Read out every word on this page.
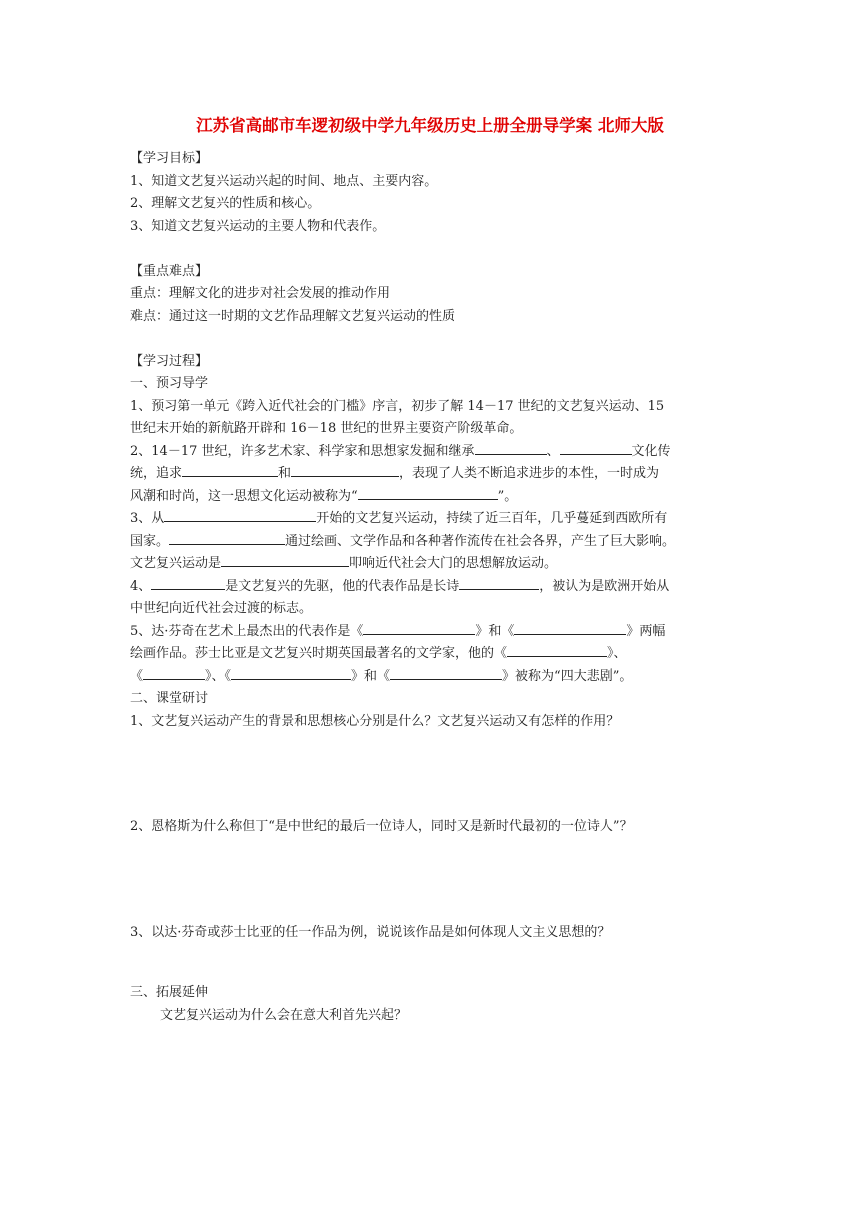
江苏省高邮市车逻初级中学九年级历史上册全册导学案 北师大版
【学习目标】
1、知道文艺复兴运动兴起的时间、地点、主要内容。
2、理解文艺复兴的性质和核心。
3、知道文艺复兴运动的主要人物和代表作。
【重点难点】
重点：理解文化的进步对社会发展的推动作用
难点：通过这一时期的文艺作品理解文艺复兴运动的性质
【学习过程】
一、预习导学
1、预习第一单元《跨入近代社会的门槛》序言，初步了解 14－17 世纪的文艺复兴运动、15
世纪末开始的新航路开辟和 16－18 世纪的世界主要资产阶级革命。
2、14－17 世纪，许多艺术家、科学家和思想家发掘和继承	、	文化传
统，追求	和	，表现了人类不断追求进步的本性，一时成为
风潮和时尚，这一思想文化运动被称为“	”。
3、从	开始的文艺复兴运动，持续了近三百年，几乎蔓延到西欧所有
国家。	通过绘画、文学作品和各种著作流传在社会各界，产生了巨大影响。
文艺复兴运动是	叩响近代社会大门的思想解放运动。
4、	是文艺复兴的先驱，他的代表作品是长诗	，被认为是欧洲开始从
中世纪向近代社会过渡的标志。
5、达·芬奇在艺术上最杰出的代表作是《	》和《	》两幅
绘画作品。莎士比亚是文艺复兴时期英国最著名的文学家，他的《	》、
《	》、《	》和《	》被称为“四大悲剧”。
二、课堂研讨
1、文艺复兴运动产生的背景和思想核心分别是什么？文艺复兴运动又有怎样的作用？
2、恩格斯为什么称但丁“是中世纪的最后一位诗人，同时又是新时代最初的一位诗人”？
3、以达·芬奇或莎士比亚的任一作品为例，说说该作品是如何体现人文主义思想的？
三、拓展延伸
文艺复兴运动为什么会在意大利首先兴起？
